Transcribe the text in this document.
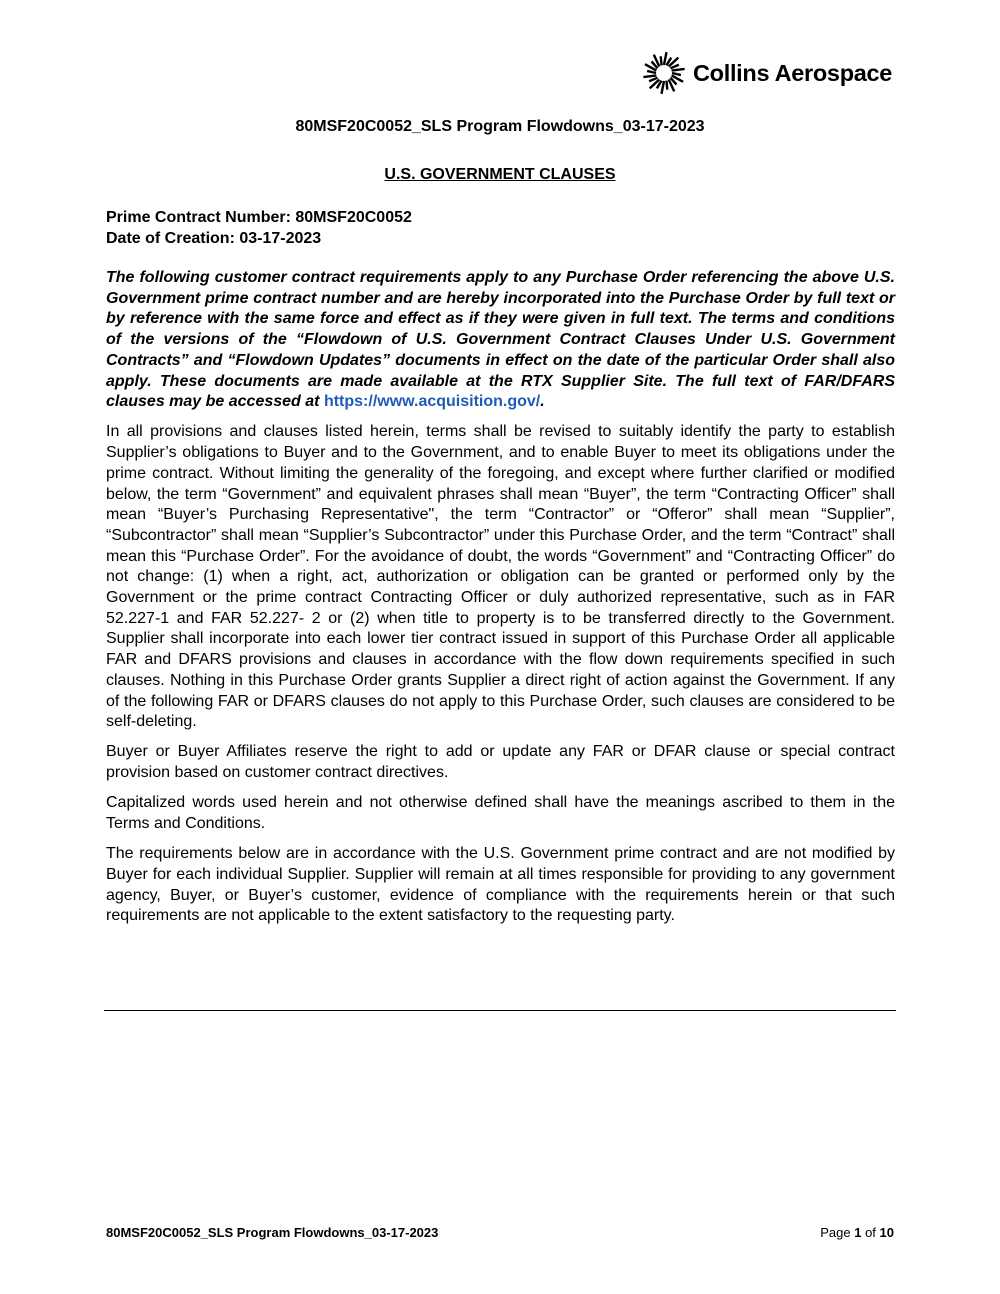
Collins Aerospace
80MSF20C0052_SLS Program Flowdowns_03-17-2023
U.S. GOVERNMENT CLAUSES
Prime Contract Number: 80MSF20C0052
Date of Creation: 03-17-2023

The following customer contract requirements apply to any Purchase Order referencing the above U.S. Government prime contract number and are hereby incorporated into the Purchase Order by full text or by reference with the same force and effect as if they were given in full text. The terms and conditions of the versions of the “Flowdown of U.S. Government Contract Clauses Under U.S. Government Contracts” and “Flowdown Updates” documents in effect on the date of the particular Order shall also apply. These documents are made available at the RTX Supplier Site. The full text of FAR/DFARS clauses may be accessed at https://www.acquisition.gov/.

In all provisions and clauses listed herein, terms shall be revised to suitably identify the party to establish Supplier’s obligations to Buyer and to the Government, and to enable Buyer to meet its obligations under the prime contract. Without limiting the generality of the foregoing, and except where further clarified or modified below, the term “Government” and equivalent phrases shall mean “Buyer”, the term “Contracting Officer” shall mean “Buyer’s Purchasing Representative", the term “Contractor” or “Offeror” shall mean “Supplier”, “Subcontractor” shall mean “Supplier’s Subcontractor” under this Purchase Order, and the term “Contract” shall mean this “Purchase Order”. For the avoidance of doubt, the words “Government” and “Contracting Officer” do not change: (1) when a right, act, authorization or obligation can be granted or performed only by the Government or the prime contract Contracting Officer or duly authorized representative, such as in FAR 52.227-1 and FAR 52.227- 2 or (2) when title to property is to be transferred directly to the Government. Supplier shall incorporate into each lower tier contract issued in support of this Purchase Order all applicable FAR and DFARS provisions and clauses in accordance with the flow down requirements specified in such clauses. Nothing in this Purchase Order grants Supplier a direct right of action against the Government. If any of the following FAR or DFARS clauses do not apply to this Purchase Order, such clauses are considered to be self-deleting.

Buyer or Buyer Affiliates reserve the right to add or update any FAR or DFAR clause or special contract provision based on customer contract directives.

Capitalized words used herein and not otherwise defined shall have the meanings ascribed to them in the Terms and Conditions.

The requirements below are in accordance with the U.S. Government prime contract and are not modified by Buyer for each individual Supplier. Supplier will remain at all times responsible for providing to any government agency, Buyer, or Buyer’s customer, evidence of compliance with the requirements herein or that such requirements are not applicable to the extent satisfactory to the requesting party.

80MSF20C0052_SLS Program Flowdowns_03-17-2023	Page 1 of 10
